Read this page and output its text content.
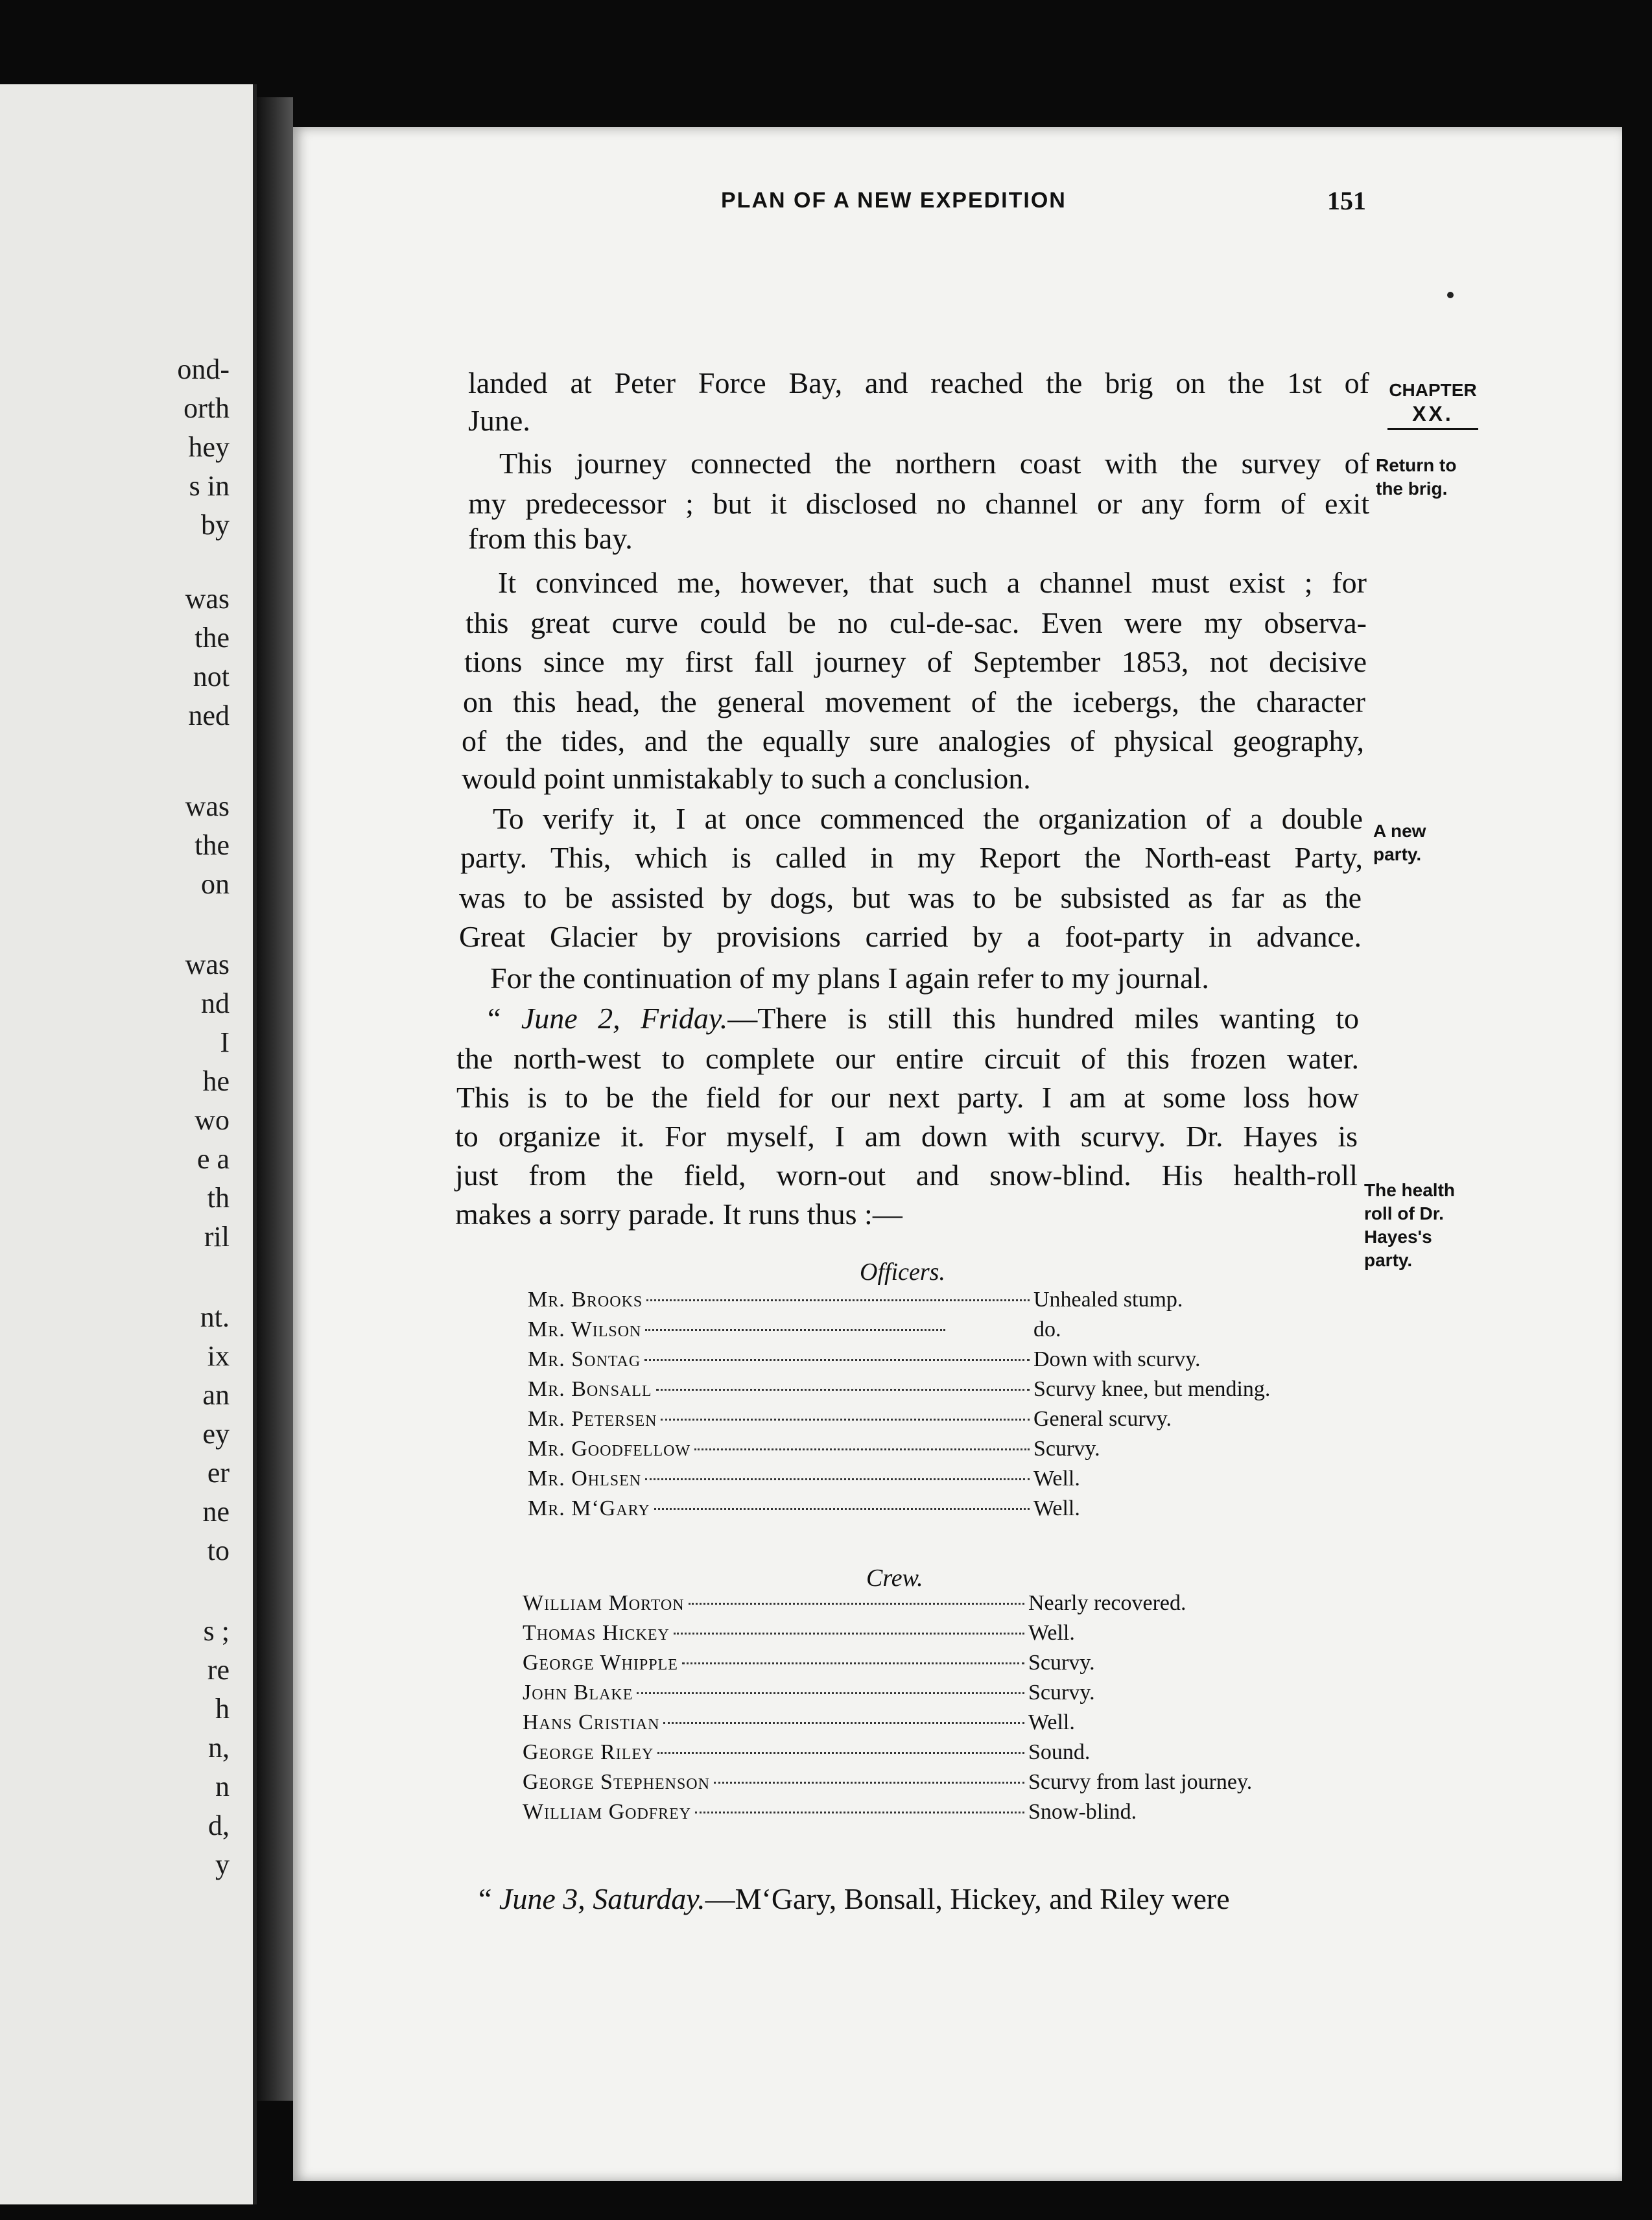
ond-
orth
hey
s in
by
was
the
not
ned
was
the
on
was
nd
I
he
wo
e a
th
ril
nt.
ix
an
ey
er
ne
to
s ;
re
h
n,
n
d,
y
PLAN OF A NEW EXPEDITION	151
CHAPTER
XX.
Return to
the brig.
A new
party.
The health
roll of Dr.
Hayes's
party.
landed at Peter Force Bay, and reached the brig on the 1st of
June.
This journey connected the northern coast with the survey of
my predecessor ; but it disclosed no channel or any form of exit
from this bay.
It convinced me, however, that such a channel must exist ; for
this great curve could be no cul-de-sac. Even were my observa-
tions since my first fall journey of September 1853, not decisive
on this head, the general movement of the icebergs, the character
of the tides, and the equally sure analogies of physical geography,
would point unmistakably to such a conclusion.
To verify it, I at once commenced the organization of a double
party. This, which is called in my Report the North-east Party,
was to be assisted by dogs, but was to be subsisted as far as the
Great Glacier by provisions carried by a foot-party in advance.
For the continuation of my plans I again refer to my journal.
“ June 2, Friday.—There is still this hundred miles wanting to
the north-west to complete our entire circuit of this frozen water.
This is to be the field for our next party. I am at some loss how
to organize it. For myself, I am down with scurvy. Dr. Hayes is
just from the field, worn-out and snow-blind. His health-roll
makes a sorry parade. It runs thus :—
Officers.
Mr. Brooks	Unhealed stump.
Mr. Wilson	do.
Mr. Sontag	Down with scurvy.
Mr. Bonsall	Scurvy knee, but mending.
Mr. Petersen	General scurvy.
Mr. Goodfellow	Scurvy.
Mr. Ohlsen	Well.
Mr. M‘Gary	Well.
Crew.
William Morton	Nearly recovered.
Thomas Hickey	Well.
George Whipple	Scurvy.
John Blake	Scurvy.
Hans Cristian	Well.
George Riley	Sound.
George Stephenson	Scurvy from last journey.
William Godfrey	Snow-blind.
“ June 3, Saturday.—M‘Gary, Bonsall, Hickey, and Riley were
